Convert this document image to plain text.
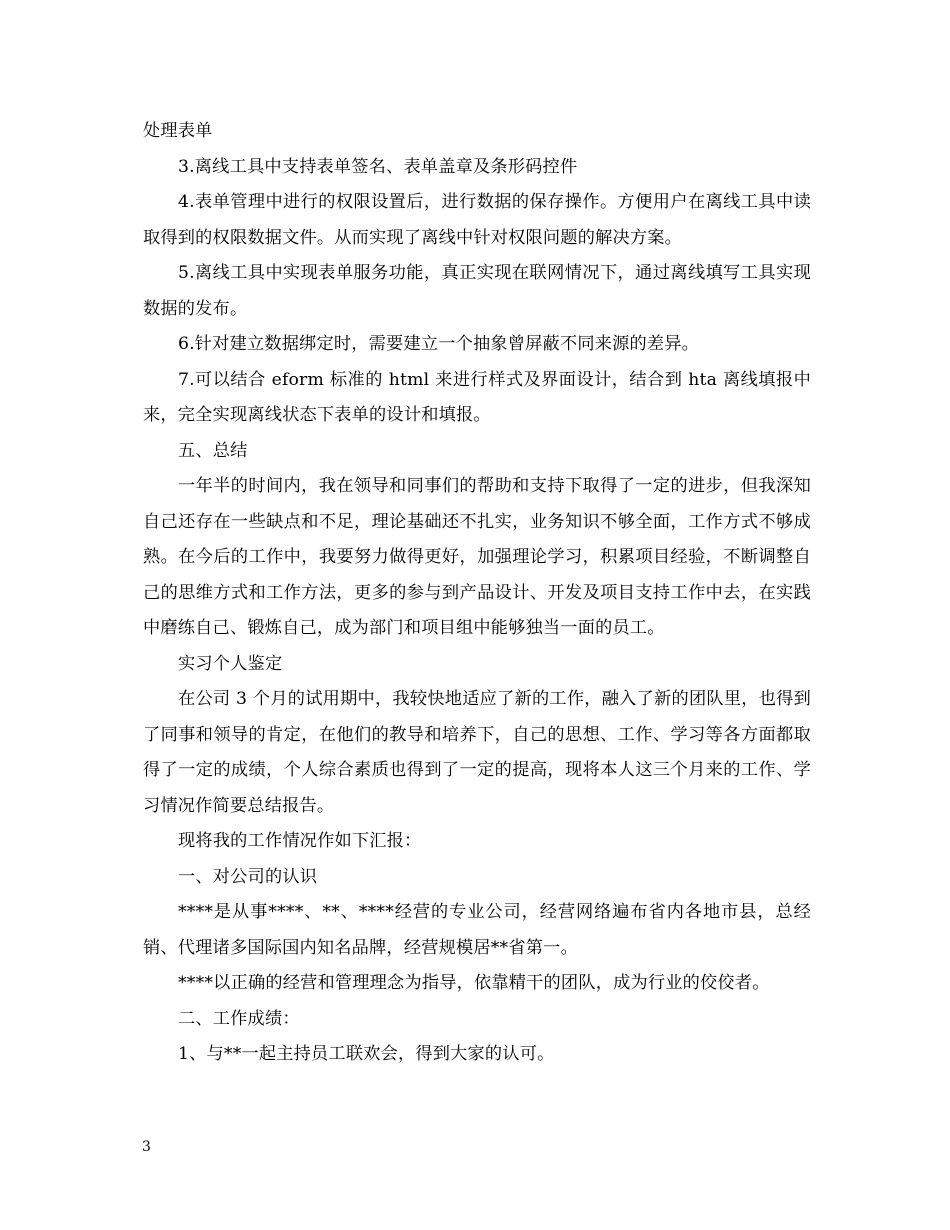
处理表单

3.离线工具中支持表单签名、表单盖章及条形码控件

4.表单管理中进行的权限设置后，进行数据的保存操作。方便用户在离线工具中读取得到的权限数据文件。从而实现了离线中针对权限问题的解决方案。

5.离线工具中实现表单服务功能，真正实现在联网情况下，通过离线填写工具实现数据的发布。

6.针对建立数据绑定时，需要建立一个抽象曾屏蔽不同来源的差异。

7.可以结合 eform 标准的 html 来进行样式及界面设计，结合到 hta 离线填报中来，完全实现离线状态下表单的设计和填报。

五、总结

一年半的时间内，我在领导和同事们的帮助和支持下取得了一定的进步，但我深知自己还存在一些缺点和不足，理论基础还不扎实，业务知识不够全面，工作方式不够成熟。在今后的工作中，我要努力做得更好，加强理论学习，积累项目经验，不断调整自己的思维方式和工作方法，更多的参与到产品设计、开发及项目支持工作中去，在实践中磨练自己、锻炼自己，成为部门和项目组中能够独当一面的员工。

实习个人鉴定

在公司 3 个月的试用期中，我较快地适应了新的工作，融入了新的团队里，也得到了同事和领导的肯定，在他们的教导和培养下，自己的思想、工作、学习等各方面都取得了一定的成绩，个人综合素质也得到了一定的提高，现将本人这三个月来的工作、学习情况作简要总结报告。

现将我的工作情况作如下汇报：

一、对公司的认识

****是从事****、**、****经营的专业公司，经营网络遍布省内各地市县，总经销、代理诸多国际国内知名品牌，经营规模居**省第一。

****以正确的经营和管理理念为指导，依靠精干的团队，成为行业的佼佼者。

二、工作成绩：

1、与**一起主持员工联欢会，得到大家的认可。

3
